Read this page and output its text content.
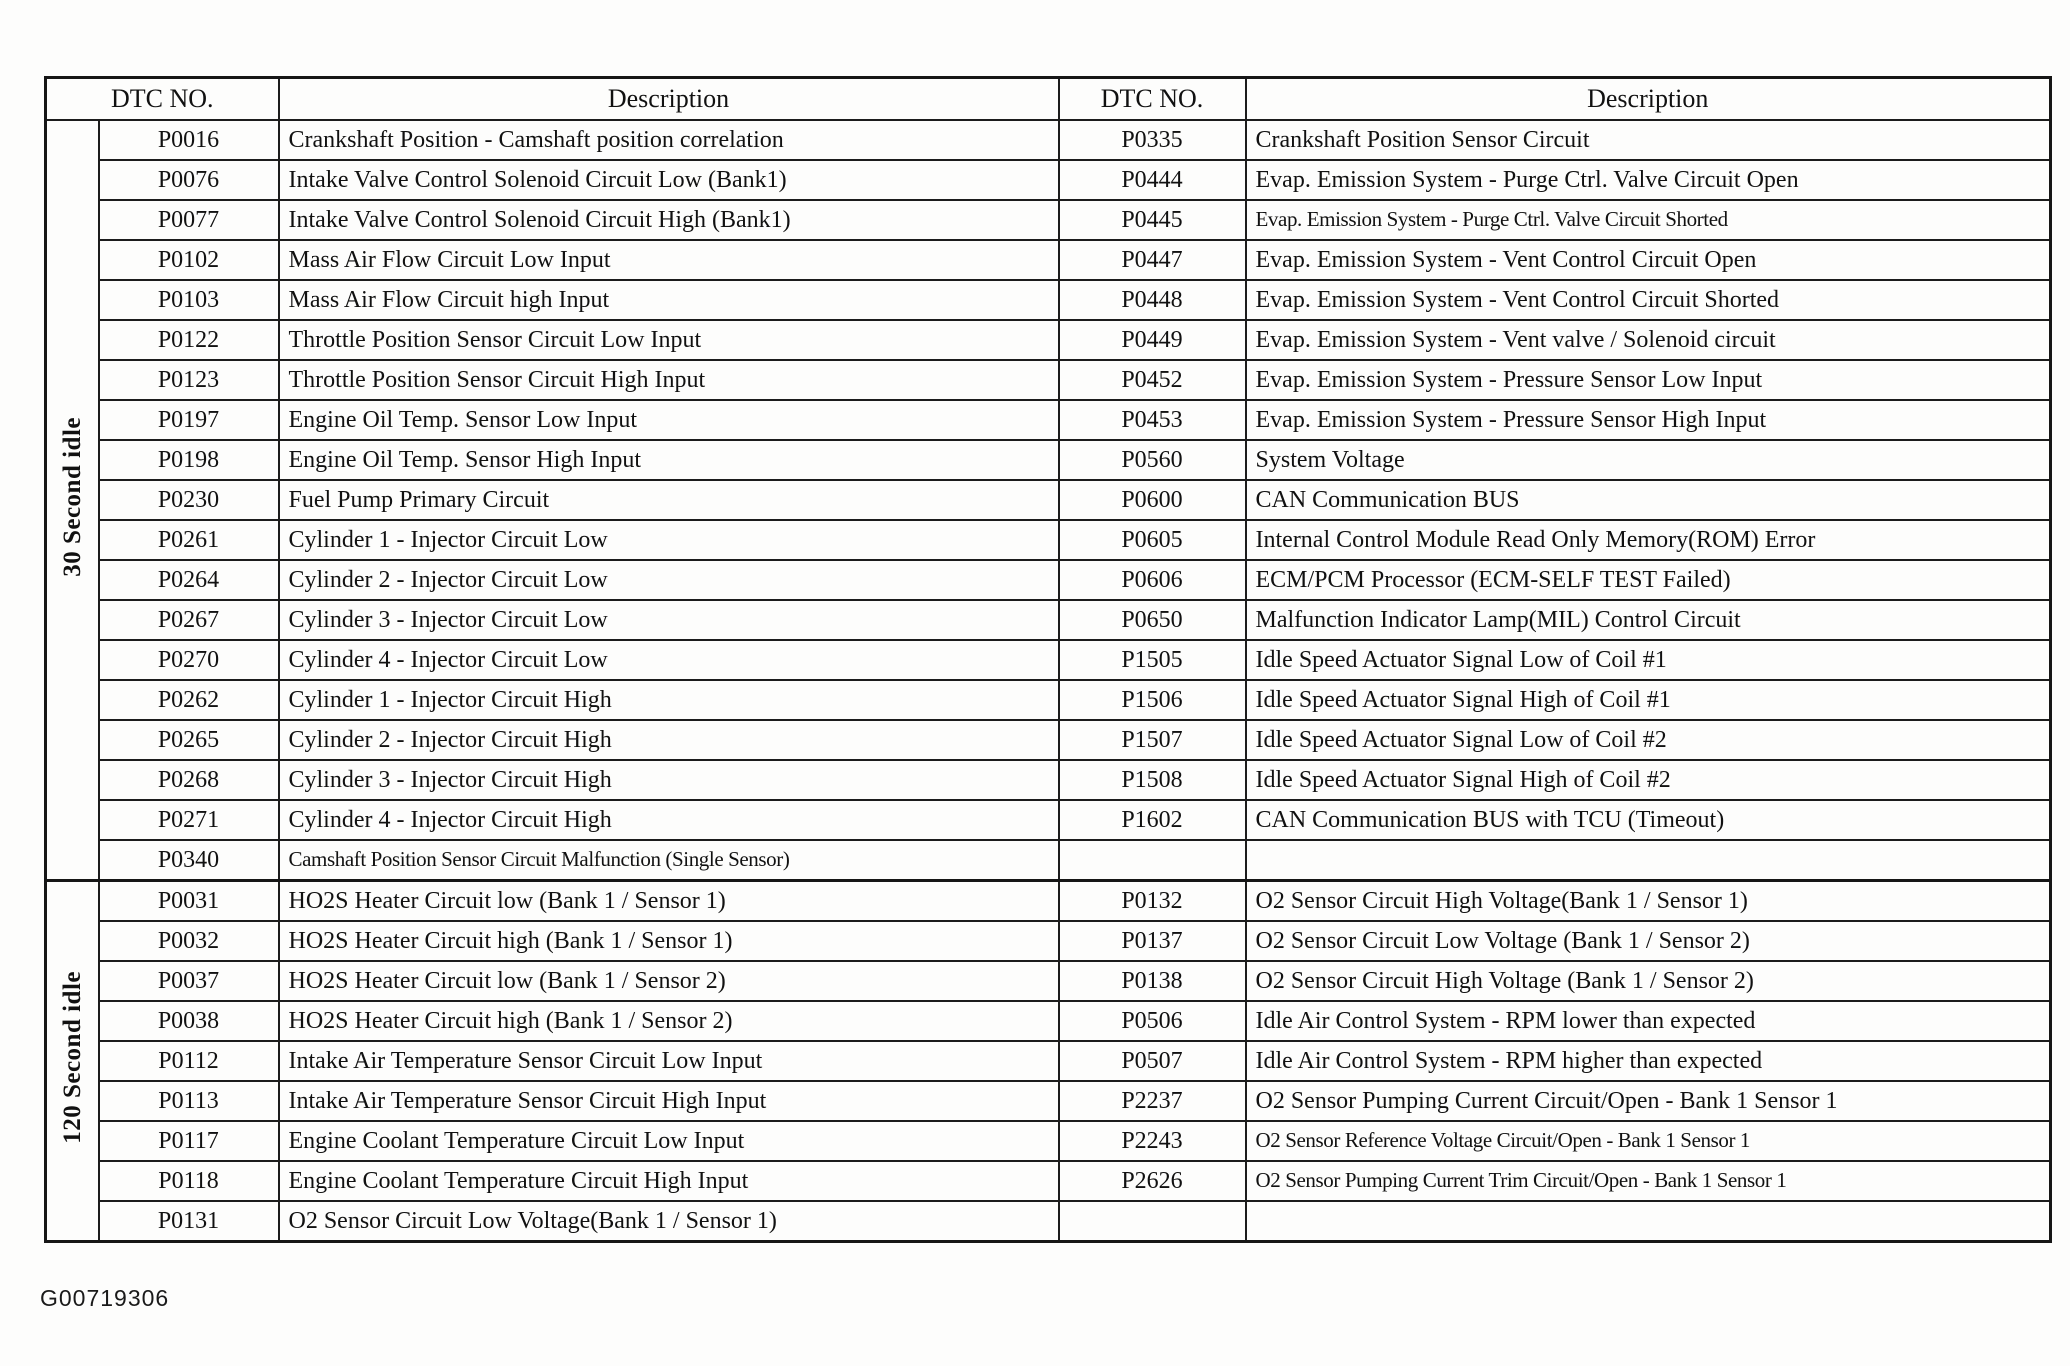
DTC NO.		Description	DTC NO.	Description
30 Second idle	P0016	Crankshaft Position - Camshaft position correlation	P0335	Crankshaft Position Sensor Circuit
	P0076	Intake Valve Control Solenoid Circuit Low (Bank1)	P0444	Evap. Emission System - Purge Ctrl. Valve Circuit Open
	P0077	Intake Valve Control Solenoid Circuit High (Bank1)	P0445	Evap. Emission System - Purge Ctrl. Valve Circuit Shorted
	P0102	Mass Air Flow Circuit Low Input	P0447	Evap. Emission System - Vent Control Circuit Open
	P0103	Mass Air Flow Circuit high Input	P0448	Evap. Emission System - Vent Control Circuit Shorted
	P0122	Throttle Position Sensor Circuit Low Input	P0449	Evap. Emission System - Vent valve / Solenoid circuit
	P0123	Throttle Position Sensor Circuit High Input	P0452	Evap. Emission System - Pressure Sensor Low Input
	P0197	Engine Oil Temp. Sensor Low Input	P0453	Evap. Emission System - Pressure Sensor High Input
	P0198	Engine Oil Temp. Sensor High Input	P0560	System Voltage
	P0230	Fuel Pump Primary Circuit	P0600	CAN Communication BUS
	P0261	Cylinder 1 - Injector Circuit Low	P0605	Internal Control Module Read Only Memory(ROM) Error
	P0264	Cylinder 2 - Injector Circuit Low	P0606	ECM/PCM Processor (ECM-SELF TEST Failed)
	P0267	Cylinder 3 - Injector Circuit Low	P0650	Malfunction Indicator Lamp(MIL) Control Circuit
	P0270	Cylinder 4 - Injector Circuit Low	P1505	Idle Speed Actuator Signal Low of Coil #1
	P0262	Cylinder 1 - Injector Circuit High	P1506	Idle Speed Actuator Signal High of Coil #1
	P0265	Cylinder 2 - Injector Circuit High	P1507	Idle Speed Actuator Signal Low of Coil #2
	P0268	Cylinder 3 - Injector Circuit High	P1508	Idle Speed Actuator Signal High of Coil #2
	P0271	Cylinder 4 - Injector Circuit High	P1602	CAN Communication BUS with TCU (Timeout)
	P0340	Camshaft Position Sensor Circuit Malfunction (Single Sensor)		
120 Second idle	P0031	HO2S Heater Circuit low (Bank 1 / Sensor 1)	P0132	O2 Sensor Circuit High Voltage(Bank 1 / Sensor 1)
	P0032	HO2S Heater Circuit high (Bank 1 / Sensor 1)	P0137	O2 Sensor Circuit Low Voltage (Bank 1 / Sensor 2)
	P0037	HO2S Heater Circuit low (Bank 1 / Sensor 2)	P0138	O2 Sensor Circuit High Voltage (Bank 1 / Sensor 2)
	P0038	HO2S Heater Circuit high (Bank 1 / Sensor 2)	P0506	Idle Air Control System - RPM lower than expected
	P0112	Intake Air Temperature Sensor Circuit Low Input	P0507	Idle Air Control System - RPM higher than expected
	P0113	Intake Air Temperature Sensor Circuit High Input	P2237	O2 Sensor Pumping Current Circuit/Open - Bank 1 Sensor 1
	P0117	Engine Coolant Temperature Circuit Low Input	P2243	O2 Sensor Reference Voltage Circuit/Open - Bank 1 Sensor 1
	P0118	Engine Coolant Temperature Circuit High Input	P2626	O2 Sensor Pumping Current Trim Circuit/Open - Bank 1 Sensor 1
	P0131	O2 Sensor Circuit Low Voltage(Bank 1 / Sensor 1)		
G00719306
